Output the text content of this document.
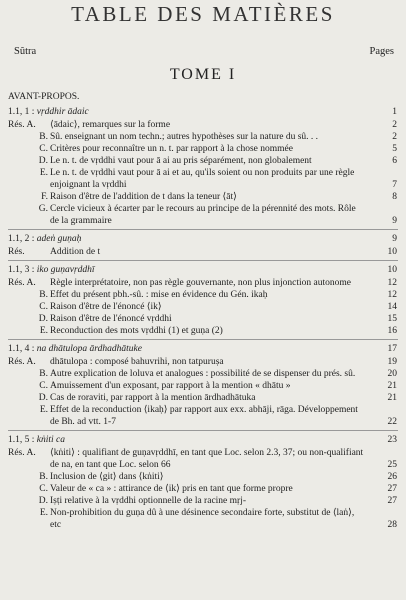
TABLE DES MATIÈRES
Sûtra	Pages
TOME I
AVANT-PROPOS.
1.1, 1 : vṛddhir ādaic	1
Rés. A.	⟨ādaic⟩, remarques sur la forme	2
B. Sû. enseignant un nom techn.; autres hypothèses sur la nature du sû. . .	2
C. Critères pour reconnaître un n. t. par rapport à la chose nommée	5
D. Le n. t. de vṛddhi vaut pour ā ai au pris séparément, non globalement	6
E. Le n. t. de vṛddhi vaut pour ā ai et au, qu'ils soient ou non produits par une règle enjoignant la vṛddhi	7
F. Raison d'être de l'addition de t dans la teneur ⟨āt⟩	8
G. Cercle vicieux à écarter par le recours au principe de la pérennité des mots. Rôle de la grammaire	9
1.1, 2 : adeṅ guṇaḥ	9
Rés.	Addition de t	10
1.1, 3 : iko guṇavṛddhī	10
Rés. A.	Règle interprétatoire, non pas règle gouvernante, non plus injonction autonome	12
B. Effet du présent pbh.-sû. : mise en évidence du Gén. ikaḥ	12
C. Raison d'être de l'énoncé ⟨ik⟩	14
D. Raison d'être de l'énoncé vṛddhi	15
E. Reconduction des mots vṛddhi (1) et guṇa (2)	16
1.1, 4 : na dhātulopa ārdhadhātuke	17
Rés. A.	dhātulopa : composé bahuvrihi, non tatpuruṣa	19
B. Autre explication de loluva et analogues : possibilité de se dispenser du prés. sû.	20
C. Amuissement d'un exposant, par rapport à la mention « dhātu »	21
D. Cas de roraviti, par rapport à la mention ārdhadhātuka	21
E. Effet de la reconduction ⟨ikaḥ⟩ par rapport aux exx. abhāji, rāga. Développement de Bh. ad vtt. 1-7	22
1.1, 5 : kṅiti ca	23
Rés. A.	⟨kṅiti⟩ : qualifiant de guṇavṛddhī, en tant que Loc. selon 2.3, 37; ou non-qualifiant de na, en tant que Loc. selon 66	25
B. Inclusion de ⟨git⟩ dans ⟨kṅiti⟩	26
C. Valeur de « ca » : attirance de ⟨ik⟩ pris en tant que forme propre	27
D. Iṣṭi relative à la vṛddhi optionnelle de la racine mṛj-	27
E. Non-prohibition du guṇa dû à une désinence secondaire forte, substitut de ⟨laṅ⟩, etc	28
